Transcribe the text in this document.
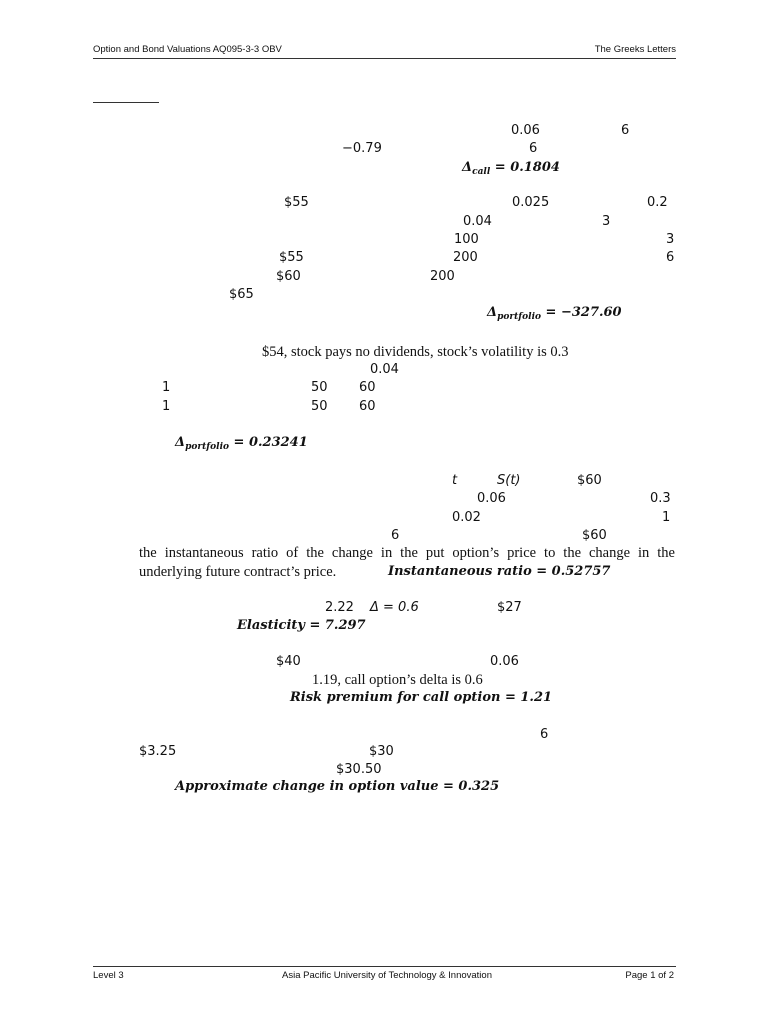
Option and Bond Valuations AQ095-3-3 OBV	The Greeks Letters
0.06	6
−0.79	6
$\Delta_{call} = 0.1804$
$55	0.025	0.2
0.04	3
100	3
$55	200	6
$60	200
$65
$\Delta_{portfolio} = -327.60$
$54, stock pays no dividends, stock’s volatility is 0.3
0.04
1	50 60
1	50 60
$\Delta_{portfolio} = 0.23241$
t	S(t)	$60
0.06	0.3
0.02	1
6	$60
the instantaneous ratio of the change in the put option’s price to the change in the
underlying future contract’s price.	Instantaneous ratio = 0.52757
2.22 Δ = 0.6	$27
Elasticity = 7.297
$40	0.06
1.19, call option’s delta is 0.6
Risk premium for call option = 1.21
6
$3.25	$30
$30.50
Approximate change in option value = 0.325
Level 3	Asia Pacific University of Technology & Innovation	Page 1 of 2
